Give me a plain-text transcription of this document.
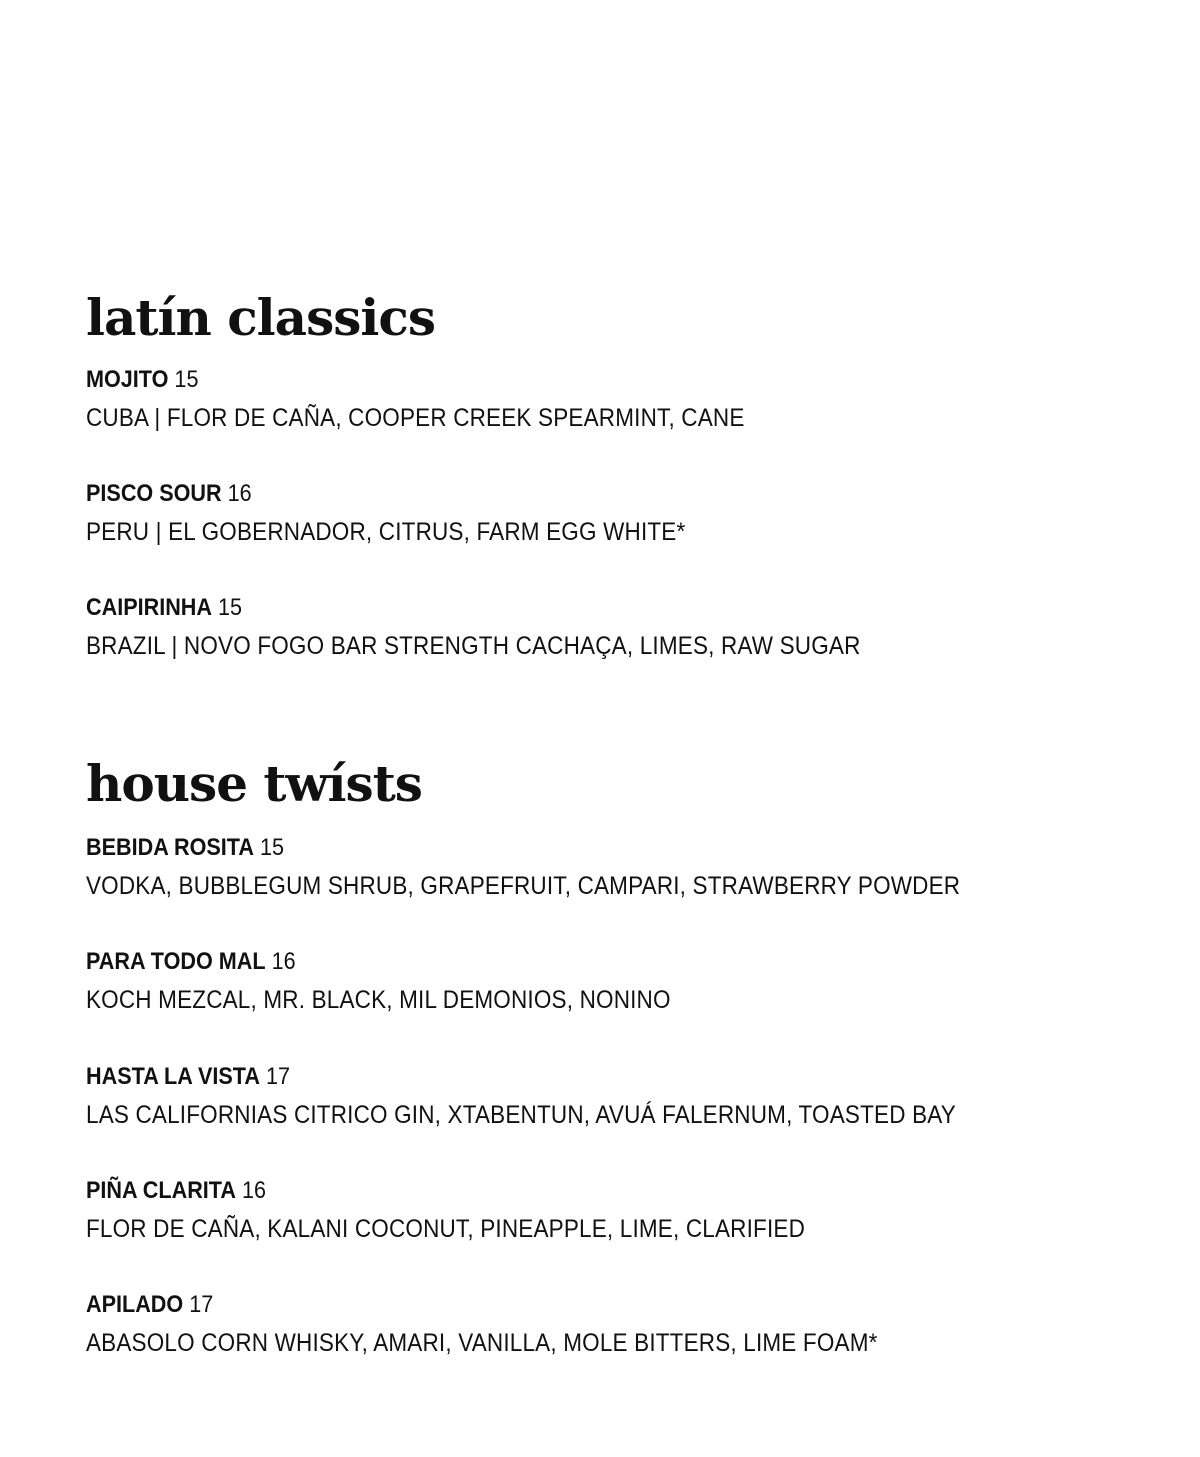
latín classics
MOJITO 15
CUBA | FLOR DE CAÑA, COOPER CREEK SPEARMINT, CANE
PISCO SOUR 16
PERU | EL GOBERNADOR, CITRUS, FARM EGG WHITE*
CAIPIRINHA 15
BRAZIL | NOVO FOGO BAR STRENGTH CACHAÇA, LIMES, RAW SUGAR
house twísts
BEBIDA ROSITA 15
VODKA, BUBBLEGUM SHRUB, GRAPEFRUIT, CAMPARI, STRAWBERRY POWDER
PARA TODO MAL 16
KOCH MEZCAL, MR. BLACK, MIL DEMONIOS, NONINO
HASTA LA VISTA 17
LAS CALIFORNIAS CITRICO GIN, XTABENTUN, AVUÁ FALERNUM, TOASTED BAY
PIÑA CLARITA 16
FLOR DE CAÑA, KALANI COCONUT, PINEAPPLE, LIME, CLARIFIED
APILADO 17
ABASOLO CORN WHISKY, AMARI, VANILLA, MOLE BITTERS, LIME FOAM*
